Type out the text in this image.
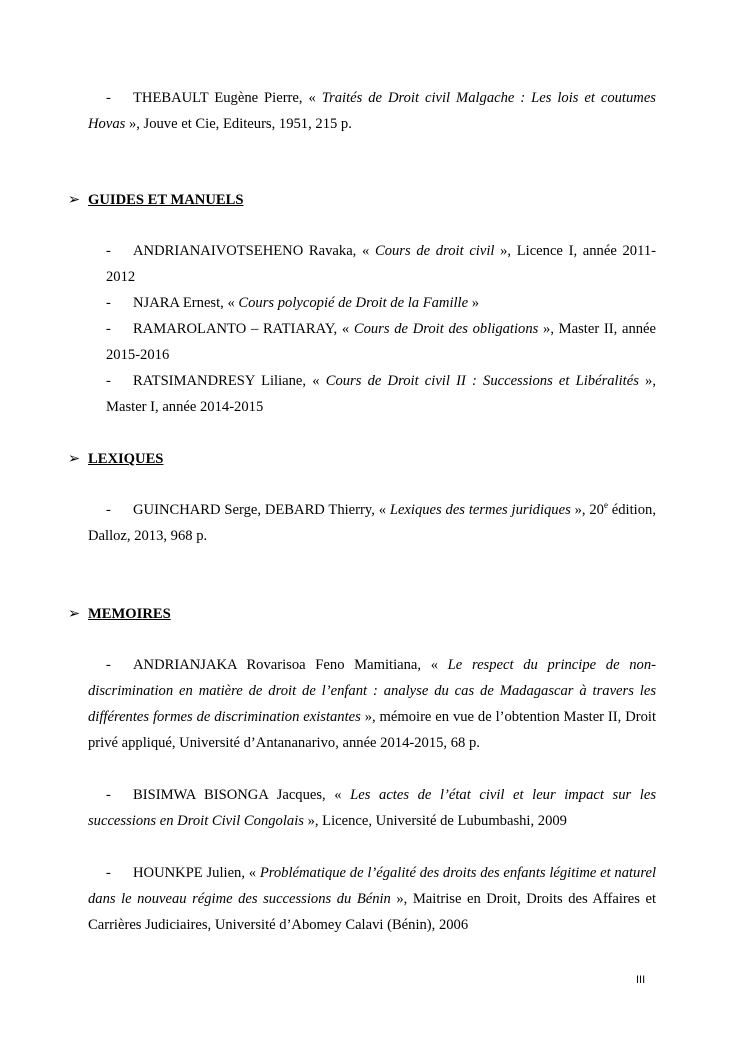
- THEBAULT Eugène Pierre, « Traités de Droit civil Malgache : Les lois et coutumes Hovas », Jouve et Cie, Editeurs, 1951, 215 p.
➢ GUIDES ET MANUELS
- ANDRIANAIVOTSEHENO Ravaka, « Cours de droit civil », Licence I, année 2011-2012
- NJARA Ernest, « Cours polycopié de Droit de la Famille »
- RAMAROLANTO – RATIARAY, « Cours de Droit des obligations », Master II, année 2015-2016
- RATSIMANDRESY Liliane, « Cours de Droit civil II : Successions et Libéralités », Master I, année 2014-2015
➢ LEXIQUES
- GUINCHARD Serge, DEBARD Thierry, « Lexiques des termes juridiques », 20e édition, Dalloz, 2013, 968 p.
➢ MEMOIRES
- ANDRIANJAKA Rovarisoa Feno Mamitiana, « Le respect du principe de non-discrimination en matière de droit de l’enfant : analyse du cas de Madagascar à travers les différentes formes de discrimination existantes », mémoire en vue de l’obtention Master II, Droit privé appliqué, Université d’Antananarivo, année 2014-2015, 68 p.
- BISIMWA BISONGA Jacques, « Les actes de l’état civil et leur impact sur les successions en Droit Civil Congolais », Licence, Université de Lubumbashi, 2009
- HOUNKPE Julien, « Problématique de l’égalité des droits des enfants légitime et naturel dans le nouveau régime des successions du Bénin », Maitrise en Droit, Droits des Affaires et Carrières Judiciaires, Université d’Abomey Calavi (Bénin), 2006
III
